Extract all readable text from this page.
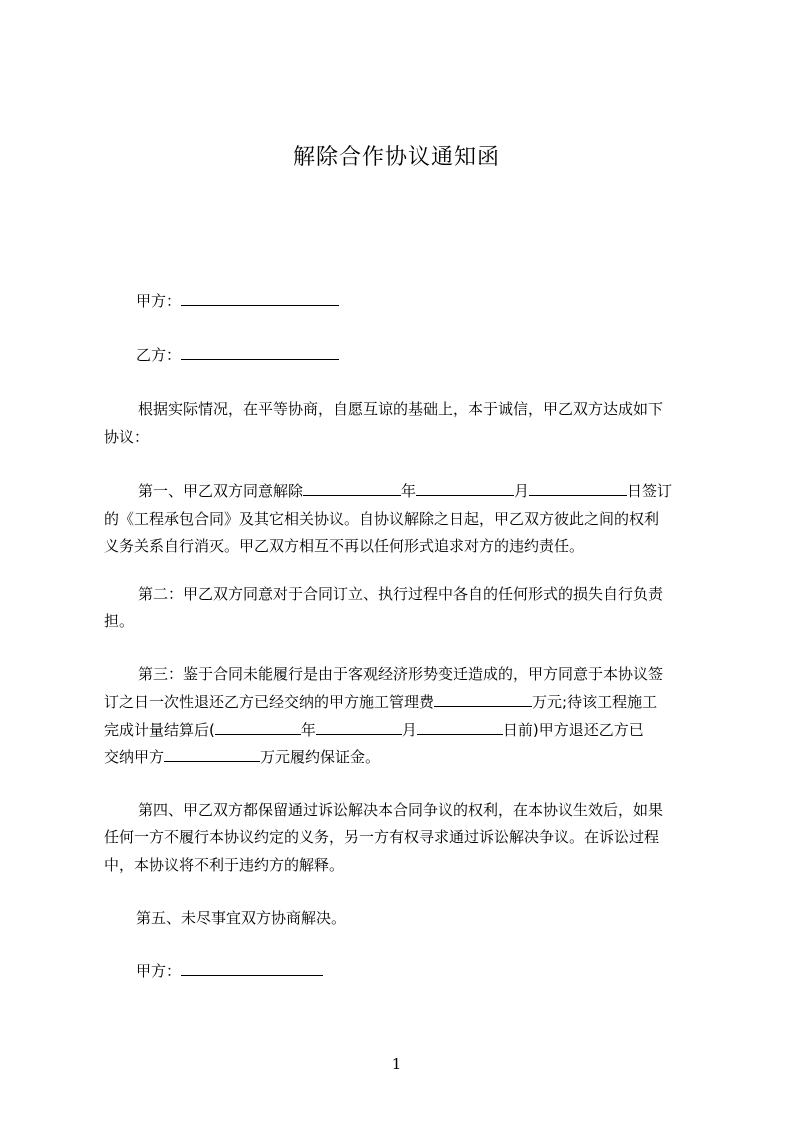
解除合作协议通知函
甲方：
乙方：
根据实际情况，在平等协商，自愿互谅的基础上，本于诚信，甲乙双方达成如下
协议：
第一、甲乙双方同意解除	年	月	日签订
的《工程承包合同》及其它相关协议。自协议解除之日起，甲乙双方彼此之间的权利
义务关系自行消灭。甲乙双方相互不再以任何形式追求对方的违约责任。
第二：甲乙双方同意对于合同订立、执行过程中各自的任何形式的损失自行负责
担。
第三：鉴于合同未能履行是由于客观经济形势变迁造成的，甲方同意于本协议签
订之日一次性退还乙方已经交纳的甲方施工管理费	万元;待该工程施工
完成计量结算后(	年	月	日前)甲方退还乙方已
交纳甲方	万元履约保证金。
第四、甲乙双方都保留通过诉讼解决本合同争议的权利，在本协议生效后，如果
任何一方不履行本协议约定的义务，另一方有权寻求通过诉讼解决争议。在诉讼过程
中，本协议将不利于违约方的解释。
第五、未尽事宜双方协商解决。
甲方：
1
